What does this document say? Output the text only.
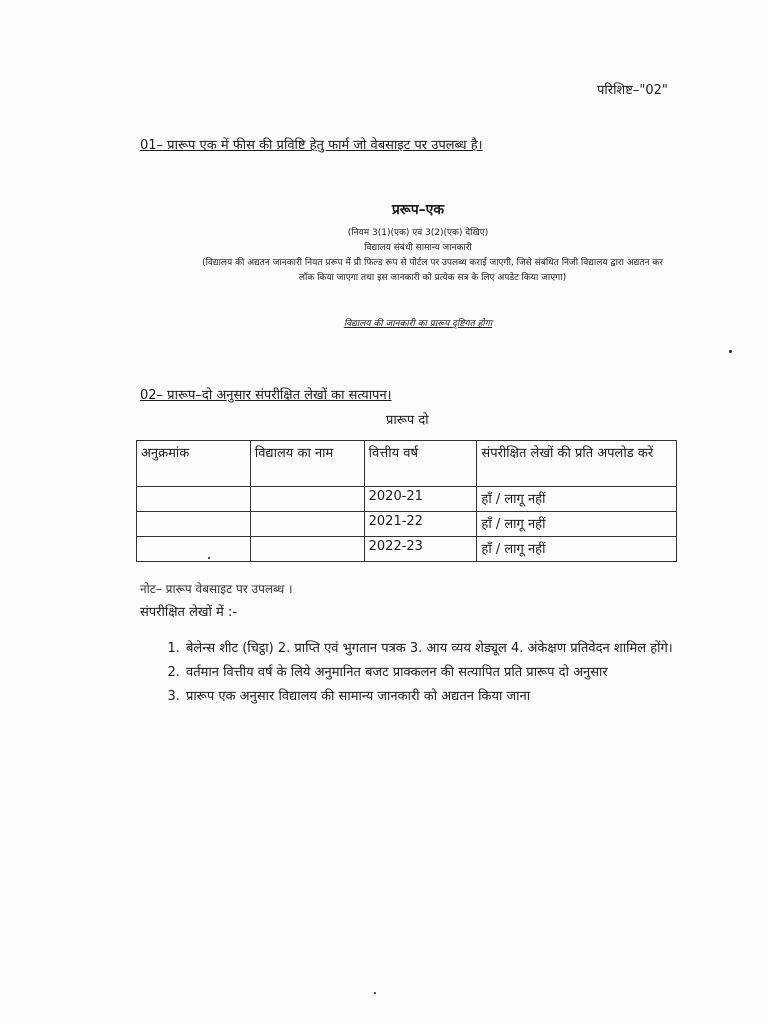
परिशिष्ट–"02"
01– प्रारूप एक में फीस की प्रविष्टि हेतु फार्म जो वेबसाइट पर उपलब्ध है।
प्ररूप–एक
(नियम 3(1)(एक) एवं 3(2)(एक) देखिए)
विद्यालय संबंधी सामान्य जानकारी
(विद्यालय की अद्यतन जानकारी नियत प्ररूप में प्री फिल्ड रूप से पोर्टल पर उपलब्ध कराई जाएगी, जिसे संबंधित निजी विद्यालय द्वारा अद्यतन कर लॉक किया जाएगा तथा इस जानकारी को प्रत्येक सत्र के लिए अपडेट किया जाएगा)
विद्यालय की जानकारी का प्रारूप दृष्टिगत होगा
02– प्रारूप–दो अनुसार संपरीक्षित लेखों का सत्यापन।
प्रारूप दो
अनुक्रमांक	विद्यालय का नाम	वित्तीय वर्ष	संपरीक्षित लेखों की प्रति अपलोड करें
		2020-21	हॉं / लागू नहीं
		2021-22	हॉं / लागू नहीं
		2022-23	हॉं / लागू नहीं
नोट– प्रारूप वेबसाइट पर उपलब्ध ।
संपरीक्षित लेखों में :-
1. बेलेन्स शीट (चिट्ठा) 2. प्राप्ति एवं भुगतान पत्रक 3. आय व्यय शेड्यूल 4. अंकेक्षण प्रतिवेदन शामिल होंगे।
2. वर्तमान वित्तीय वर्ष के लिये अनुमानित बजट प्राक्कलन की सत्यापित प्रति प्रारूप दो अनुसार
3. प्रारूप एक अनुसार विद्यालय की सामान्य जानकारी को अद्यतन किया जाना
